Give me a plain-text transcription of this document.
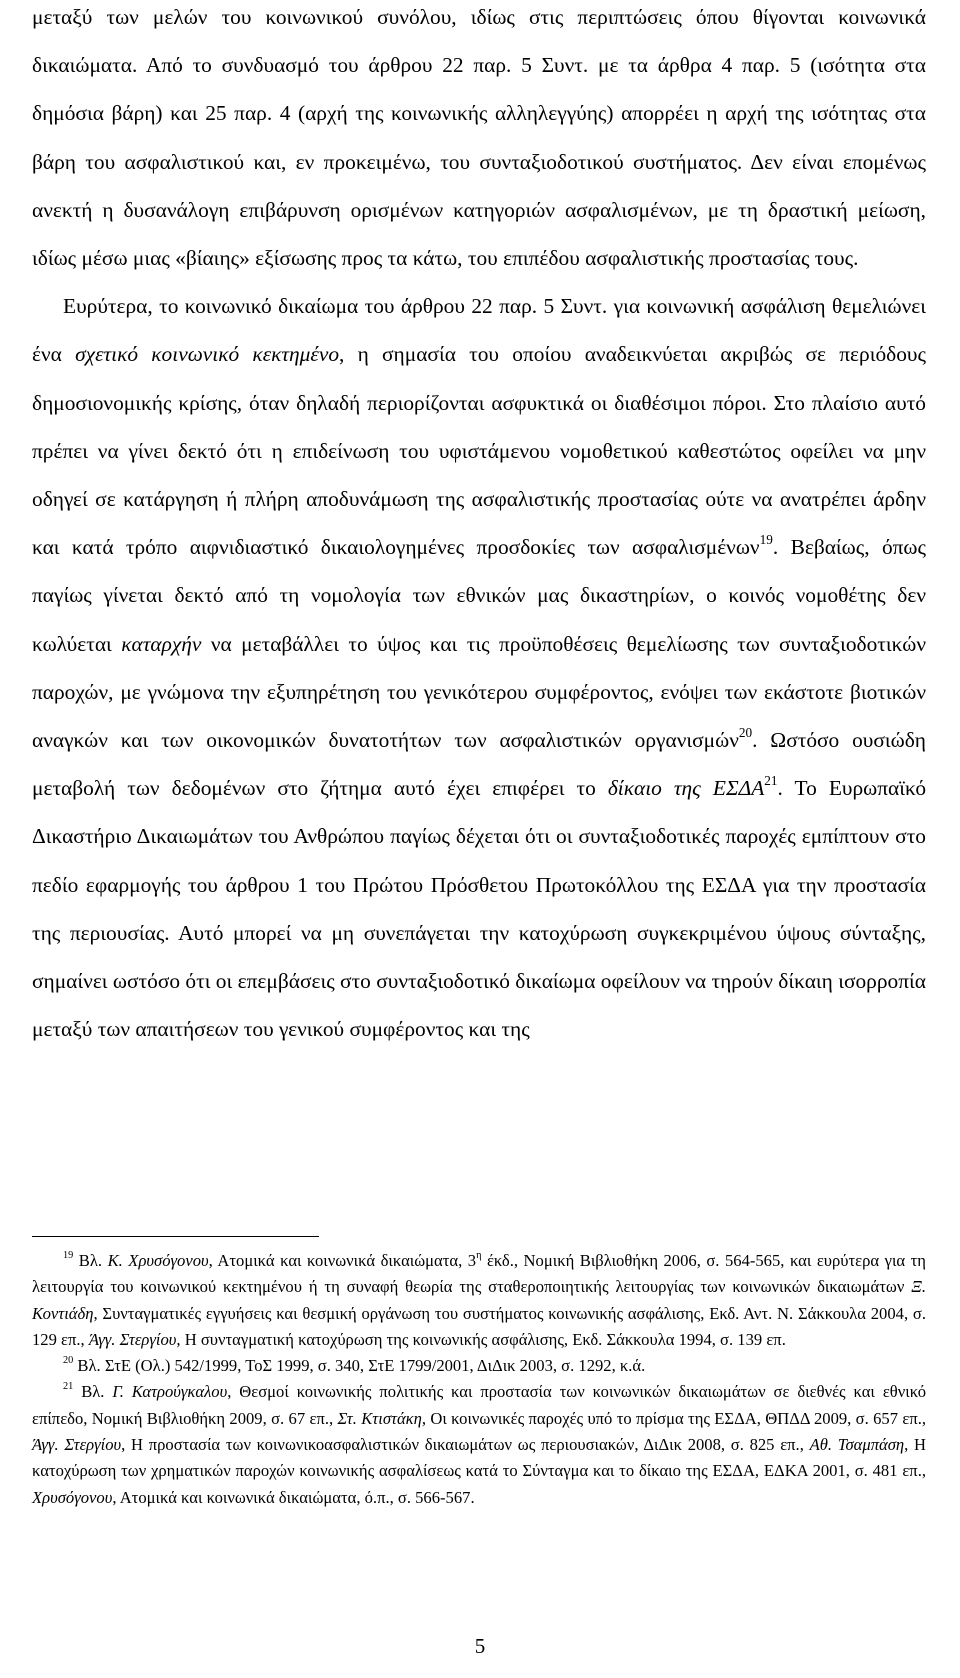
μεταξύ των μελών του κοινωνικού συνόλου, ιδίως στις περιπτώσεις όπου θίγονται κοινωνικά δικαιώματα. Από το συνδυασμό του άρθρου 22 παρ. 5 Συντ. με τα άρθρα 4 παρ. 5 (ισότητα στα δημόσια βάρη) και 25 παρ. 4 (αρχή της κοινωνικής αλληλεγγύης) απορρέει η αρχή της ισότητας στα βάρη του ασφαλιστικού και, εν προκειμένω, του συνταξιοδοτικού συστήματος. Δεν είναι επομένως ανεκτή η δυσανάλογη επιβάρυνση ορισμένων κατηγοριών ασφαλισμένων, με τη δραστική μείωση, ιδίως μέσω μιας «βίαιης» εξίσωσης προς τα κάτω, του επιπέδου ασφαλιστικής προστασίας τους.

Ευρύτερα, το κοινωνικό δικαίωμα του άρθρου 22 παρ. 5 Συντ. για κοινωνική ασφάλιση θεμελιώνει ένα σχετικό κοινωνικό κεκτημένο, η σημασία του οποίου αναδεικνύεται ακριβώς σε περιόδους δημοσιονομικής κρίσης, όταν δηλαδή περιορίζονται ασφυκτικά οι διαθέσιμοι πόροι. Στο πλαίσιο αυτό πρέπει να γίνει δεκτό ότι η επιδείνωση του υφιστάμενου νομοθετικού καθεστώτος οφείλει να μην οδηγεί σε κατάργηση ή πλήρη αποδυνάμωση της ασφαλιστικής προστασίας ούτε να ανατρέπει άρδην και κατά τρόπο αιφνιδιαστικό δικαιολογημένες προσδοκίες των ασφαλισμένων$^{19}$. Βεβαίως, όπως παγίως γίνεται δεκτό από τη νομολογία των εθνικών μας δικαστηρίων, ο κοινός νομοθέτης δεν κωλύεται καταρχήν να μεταβάλλει το ύψος και τις προϋποθέσεις θεμελίωσης των συνταξιοδοτικών παροχών, με γνώμονα την εξυπηρέτηση του γενικότερου συμφέροντος, ενόψει των εκάστοτε βιοτικών αναγκών και των οικονομικών δυνατοτήτων των ασφαλιστικών οργανισμών$^{20}$. Ωστόσο ουσιώδη μεταβολή των δεδομένων στο ζήτημα αυτό έχει επιφέρει το δίκαιο της ΕΣΔΑ$^{21}$. Το Ευρωπαϊκό Δικαστήριο Δικαιωμάτων του Ανθρώπου παγίως δέχεται ότι οι συνταξιοδοτικές παροχές εμπίπτουν στο πεδίο εφαρμογής του άρθρου 1 του Πρώτου Πρόσθετου Πρωτοκόλλου της ΕΣΔΑ για την προστασία της περιουσίας. Αυτό μπορεί να μη συνεπάγεται την κατοχύρωση συγκεκριμένου ύψους σύνταξης, σημαίνει ωστόσο ότι οι επεμβάσεις στο συνταξιοδοτικό δικαίωμα οφείλουν να τηρούν δίκαιη ισορροπία μεταξύ των απαιτήσεων του γενικού συμφέροντος και της

$^{19}$ Βλ. Κ. Χρυσόγονου, Ατομικά και κοινωνικά δικαιώματα, $3^\eta$ έκδ., Νομική Βιβλιοθήκη 2006, σ. 564-565, και ευρύτερα για τη λειτουργία του κοινωνικού κεκτημένου ή τη συναφή θεωρία της σταθεροποιητικής λειτουργίας των κοινωνικών δικαιωμάτων Ξ. Κοντιάδη, Συνταγματικές εγγυήσεις και θεσμική οργάνωση του συστήματος κοινωνικής ασφάλισης, Εκδ. Αντ. Ν. Σάκκουλα 2004, σ. 129 επ., Άγγ. Στεργίου, Η συνταγματική κατοχύρωση της κοινωνικής ασφάλισης, Εκδ. Σάκκουλα 1994, σ. 139 επ.

$^{20}$ Βλ. ΣτΕ (Ολ.) 542/1999, ΤοΣ 1999, σ. 340, ΣτΕ 1799/2001, ΔιΔικ 2003, σ. 1292, κ.ά.

$^{21}$ Βλ. Γ. Κατρούγκαλου, Θεσμοί κοινωνικής πολιτικής και προστασία των κοινωνικών δικαιωμάτων σε διεθνές και εθνικό επίπεδο, Νομική Βιβλιοθήκη 2009, σ. 67 επ., Στ. Κτιστάκη, Οι κοινωνικές παροχές υπό το πρίσμα της ΕΣΔΑ, ΘΠΔΔ 2009, σ. 657 επ., Άγγ. Στεργίου, Η προστασία των κοινωνικοασφαλιστικών δικαιωμάτων ως περιουσιακών, ΔιΔικ 2008, σ. 825 επ., Αθ. Τσαμπάση, Η κατοχύρωση των χρηματικών παροχών κοινωνικής ασφαλίσεως κατά το Σύνταγμα και το δίκαιο της ΕΣΔΑ, ΕΔΚΑ 2001, σ. 481 επ., Χρυσόγονου, Ατομικά και κοινωνικά δικαιώματα, ό.π., σ. 566-567.

5
